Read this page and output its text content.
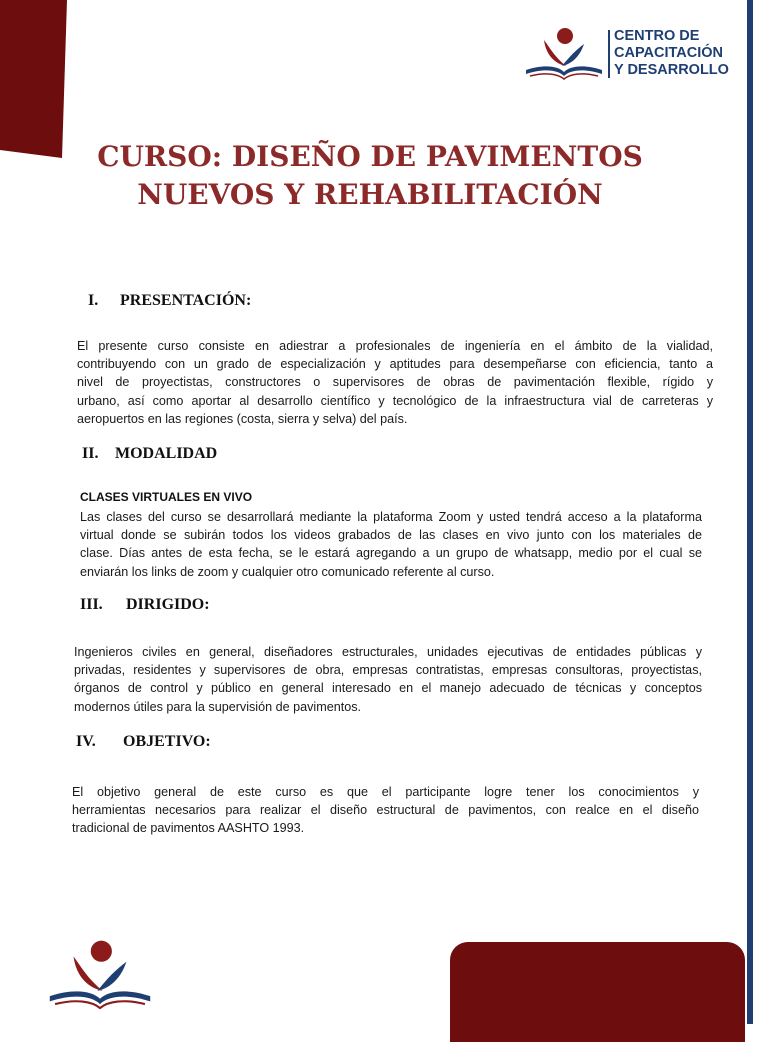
CENTRO DE
CAPACITACIÓN
Y DESARROLLO
CURSO: DISEÑO DE PAVIMENTOS
NUEVOS Y REHABILITACIÓN
I. PRESENTACIÓN:
El presente curso consiste en adiestrar a profesionales de ingeniería en el ámbito de la vialidad,
contribuyendo con un grado de especialización y aptitudes para desempeñarse con eficiencia, tanto a
nivel de proyectistas, constructores o supervisores de obras de pavimentación flexible, rígido y
urbano, así como aportar al desarrollo científico y tecnológico de la infraestructura vial de carreteras y
aeropuertos en las regiones (costa, sierra y selva) del país.
II. MODALIDAD
CLASES VIRTUALES EN VIVO
Las clases del curso se desarrollará mediante la plataforma Zoom y usted tendrá acceso a la plataforma
virtual donde se subirán todos los videos grabados de las clases en vivo junto con los materiales de
clase. Días antes de esta fecha, se le estará agregando a un grupo de whatsapp, medio por el cual se
enviarán los links de zoom y cualquier otro comunicado referente al curso.
III. DIRIGIDO:
Ingenieros civiles en general, diseñadores estructurales, unidades ejecutivas de entidades públicas y
privadas, residentes y supervisores de obra, empresas contratistas, empresas consultoras, proyectistas,
órganos de control y público en general interesado en el manejo adecuado de técnicas y conceptos
modernos útiles para la supervisión de pavimentos.
IV. OBJETIVO:
El objetivo general de este curso es que el participante logre tener los conocimientos y
herramientas necesarios para realizar el diseño estructural de pavimentos, con realce en el diseño
tradicional de pavimentos AASHTO 1993.
